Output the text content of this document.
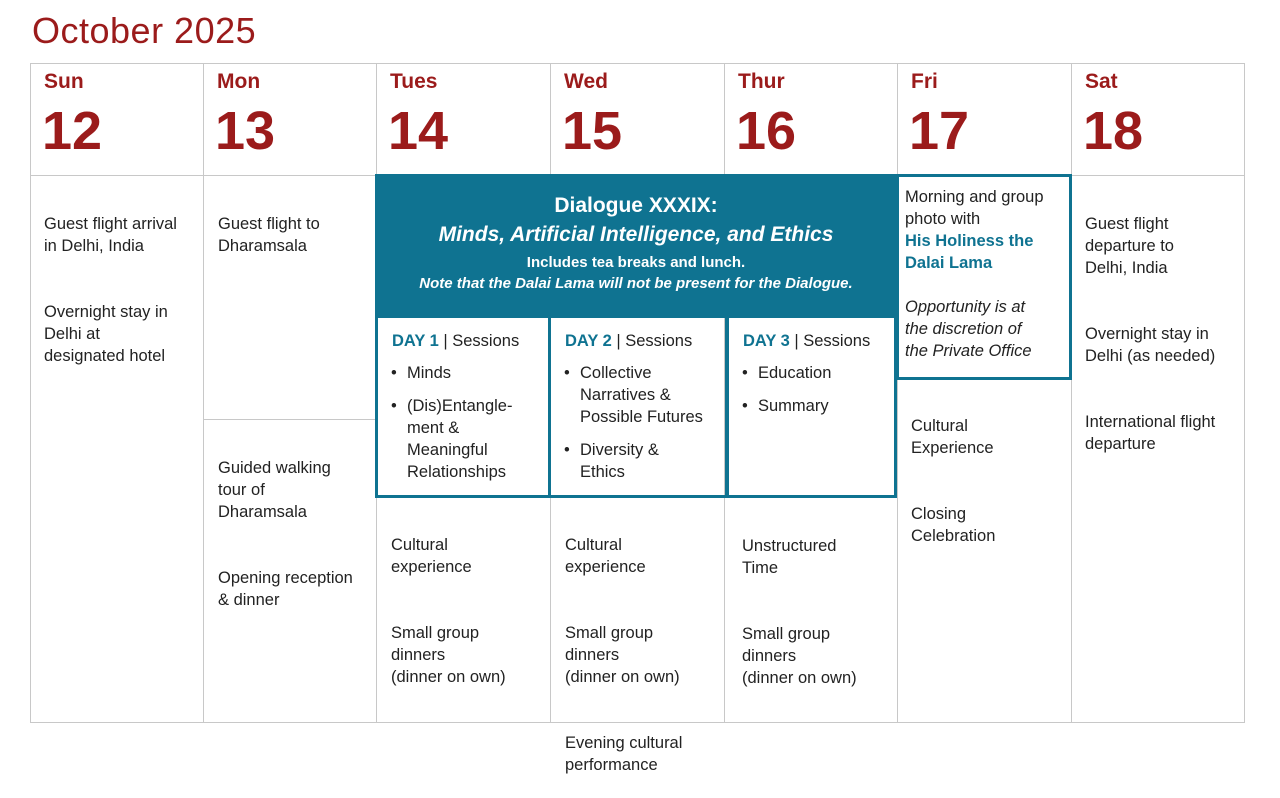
October 2025
Sun
12
Mon
13
Tues
14
Wed
15
Thur
16
Fri
17
Sat
18

Guest flight arrival
in Delhi, India

Overnight stay in
Delhi at
designated hotel

Guest flight to
Dharamsala

Guided walking
tour of
Dharamsala

Opening reception
& dinner

Dialogue XXXIX:
Minds, Artificial Intelligence, and Ethics
Includes tea breaks and lunch.
Note that the Dalai Lama will not be present for the Dialogue.
DAY 1 | Sessions
• Minds
• (Dis)Entangle-
ment &
Meaningful
Relationships
DAY 2 | Sessions
• Collective
Narratives &
Possible Futures
• Diversity &
Ethics
DAY 3 | Sessions
• Education
• Summary

Cultural
experience

Small group
dinners
(dinner on own)

Cultural
experience

Small group
dinners
(dinner on own)

Evening cultural
performance

Unstructured
Time

Small group
dinners
(dinner on own)

Morning and group
photo with
His Holiness the
Dalai Lama
Opportunity is at
the discretion of
the Private Office

Cultural
Experience

Closing
Celebration

Guest flight
departure to
Delhi, India

Overnight stay in
Delhi (as needed)

International flight
departure
